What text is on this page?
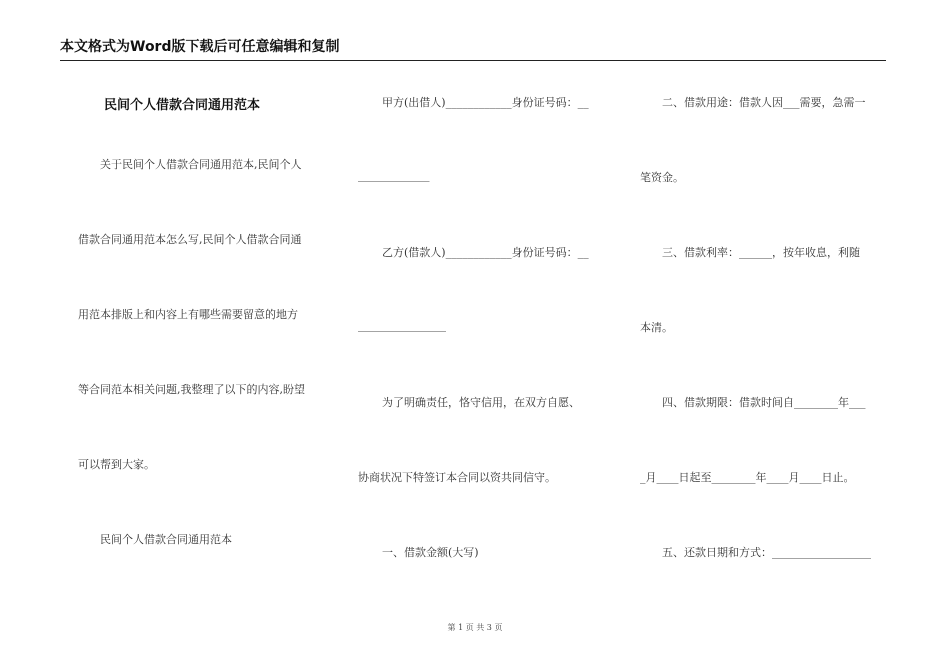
本文格式为Word版下载后可任意编辑和复制
民间个人借款合同通用范本
关于民间个人借款合同通用范本,民间个人
借款合同通用范本怎么写,民间个人借款合同通
用范本排版上和内容上有哪些需要留意的地方
等合同范本相关问题,我整理了以下的内容,盼望
可以帮到大家。
民间个人借款合同通用范本
甲方(出借人)____________身份证号码：__
_____________
乙方(借款人)____________身份证号码：__
________________
为了明确责任，恪守信用，在双方自愿、
协商状况下特签订本合同以资共同信守。
一、借款金额(大写)
二、借款用途：借款人因___需要，急需一
笔资金。
三、借款利率：______，按年收息，利随
本清。
四、借款期限：借款时间自________年___
_月____日起至________年____月____日止。
五、还款日期和方式：__________________
第 1 页 共 3 页
